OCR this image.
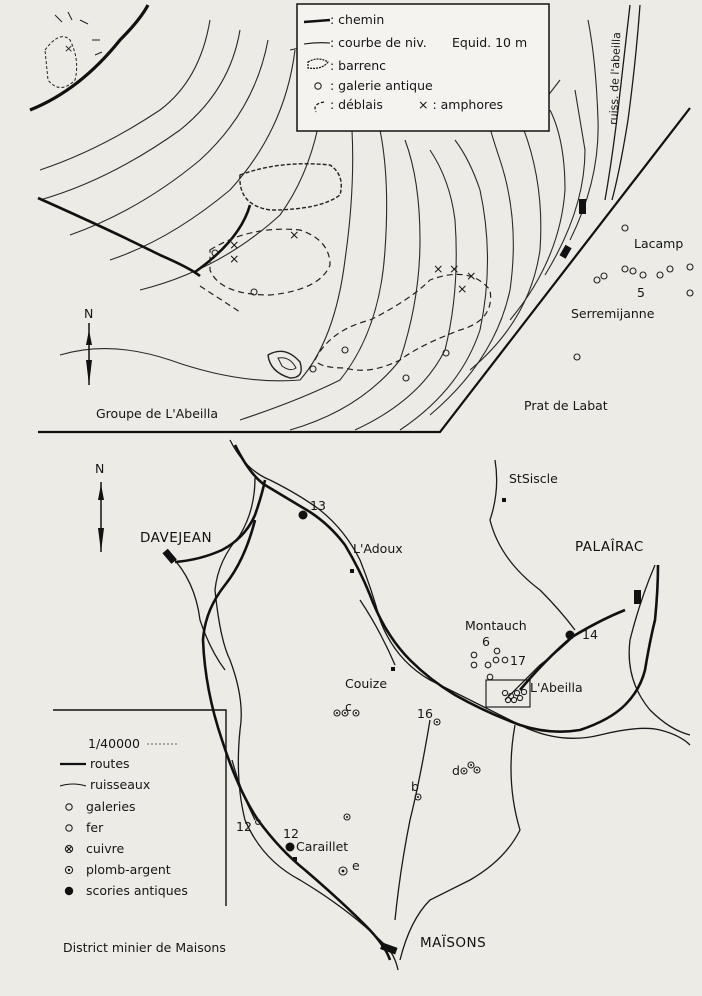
×
×
×
×
× × ×
×
ruiss. de l'abeilla
Lacamp
5
Serremijanne
Prat de Labat
Groupe de L'Abeilla
N
: chemin
: courbe de niv. Equid. 10 m
: barrenc
: galerie antique
: déblais	× : amphores
N
DAVEJEAN
13
L'Adoux
StSiscle
PALAÎRAC
Montauch
14
6
17
L'Abeilla
Couize
c	16
d
b
12 12
Caraillet
e
MAÏSONS
1/40000
routes
ruisseaux
galeries
fer
cuivre
plomb-argent
scories antiques
District minier de Maisons
